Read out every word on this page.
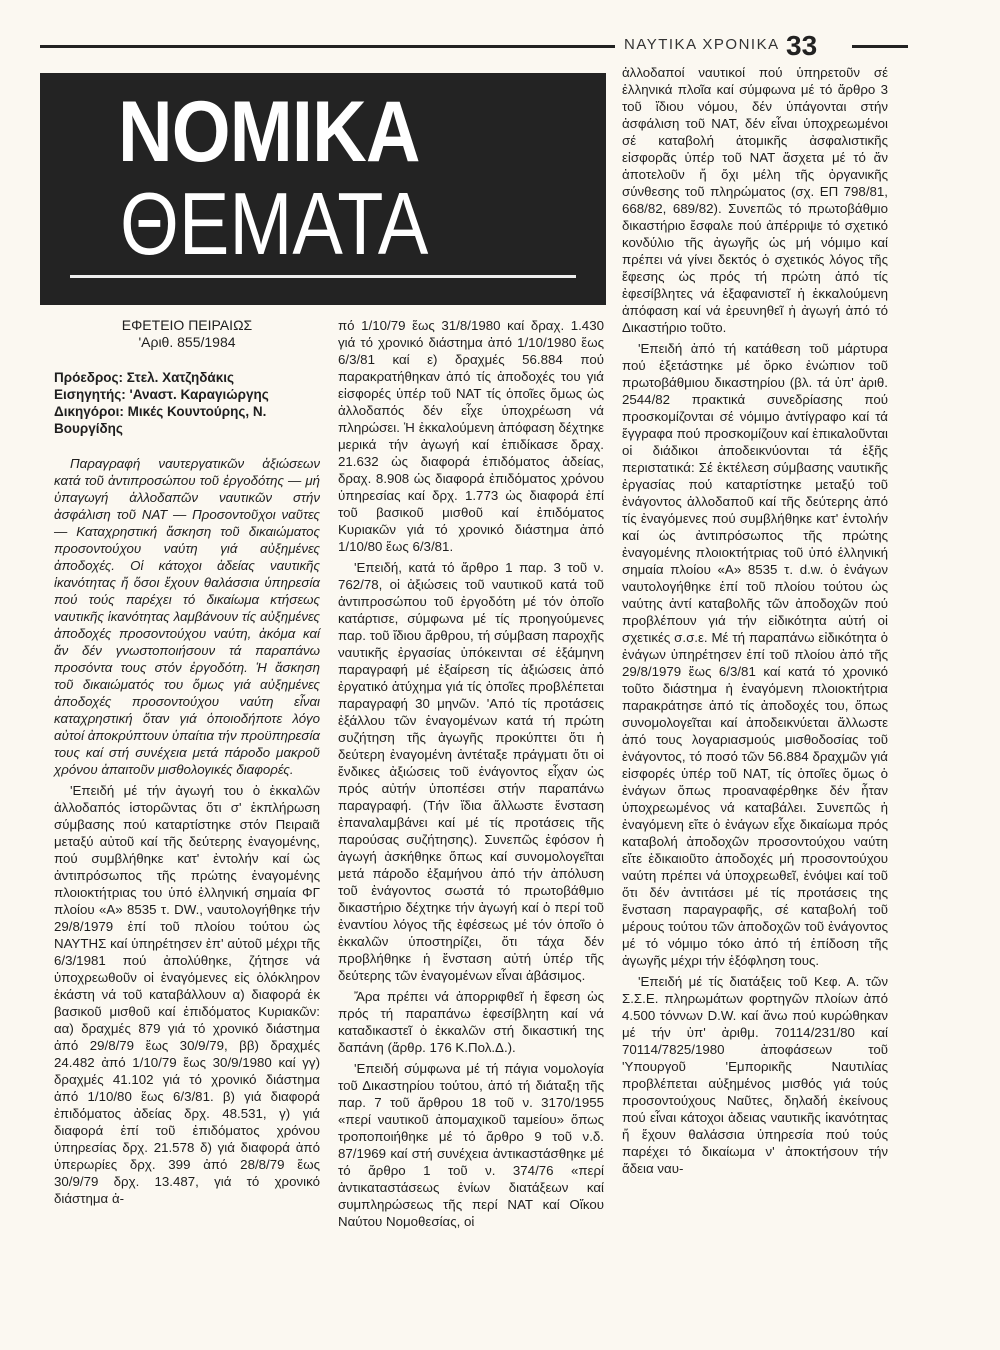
ΝΑΥΤΙΚΑ ΧΡΟΝΙΚΑ 33
ΝΟΜΙΚΑ
ΘΕΜΑΤΑ
ΕΦΕΤΕΙΟ ΠΕΙΡΑΙΩΣ
'Αριθ. 855/1984
Πρόεδρος: Στελ. Χατζηδάκις
Εισηγητής: 'Αναστ. Καραγιώργης
Δικηγόροι: Μικές Κουντούρης, Ν. Βουργίδης

Παραγραφή ναυτεργατικῶν ἀξιώσεων κατά τοῦ ἀντιπροσώπου τοῦ ἐργοδότης — μή ὑπαγωγή ἀλλοδαπῶν ναυτικῶν στήν ἀσφάλιση τοῦ ΝΑΤ — Προσοντοῦχοι ναῦτες — Καταχρηστική ἄσκηση τοῦ δικαιώματος προσοντούχου ναύτη γιά αὐξημένες ἀποδοχές. Οἱ κάτοχοι ἀδείας ναυτικῆς ἱκανότητας ἤ ὅσοι ἔχουν θαλάσσια ὑπηρεσία πού τούς παρέχει τό δικαίωμα κτήσεως ναυτικῆς ἱκανότητας λαμβάνουν τίς αὐξημένες ἀποδοχές προσοντούχου ναύτη, ἀκόμα καί ἄν δέν γνωστοποιήσουν τά παραπάνω προσόντα τους στόν ἐργοδότη. Ἡ ἄσκηση τοῦ δικαιώματός του ὅμως γιά αὐξημένες ἀποδοχές προσοντούχου ναύτη εἶναι καταχρηστική ὅταν γιά ὁποιοδήποτε λόγο αὐτοί ἀποκρύπτουν ὑπαίτια τήν προϋπηρεσία τους καί στή συνέχεια μετά πάροδο μακροῦ χρόνου ἀπαιτοῦν μισθολογικές διαφορές.

'Επειδή μέ τήν ἀγωγή του ὁ ἐκκαλῶν ἀλλοδαπός ἱστορῶντας ὅτι σ' ἐκπλήρωση σύμβασης πού καταρτίστηκε στόν Πειραιᾶ μεταξύ αὐτοῦ καί τῆς δεύτερης ἐναγομένης, πού συμβλήθηκε κατ' ἐντολήν καί ὡς ἀντιπρόσωπος τῆς πρώτης ἐναγομένης πλοιοκτήτριας του ὑπό ἑλληνική σημαία ΦΓ πλοίου «Α» 8535 τ. DW., ναυτολογήθηκε τήν 29/8/1979 ἐπί τοῦ πλοίου τούτου ὡς ΝΑΥΤΗΣ καί ὑπηρέτησεν ἐπ' αὐτοῦ μέχρι τῆς 6/3/1981 πού ἀπολύθηκε, ζήτησε νά ὑποχρεωθοῦν οἱ ἐναγόμενες εἰς ὁλόκληρον ἑκάστη νά τοῦ καταβάλλουν α) διαφορά ἐκ βασικοῦ μισθοῦ καί ἐπιδόματος Κυριακῶν: αα) δραχμές 879 γιά τό χρονικό διάστημα ἀπό 29/8/79 ἕως 30/9/79, ββ) δραχμές 24.482 ἀπό 1/10/79 ἕως 30/9/1980 καί γγ) δραχμές 41.102 γιά τό χρονικό διάστημα ἀπό 1/10/80 ἕως 6/3/81. β) γιά διαφορά ἐπιδόματος ἀδείας δρχ. 48.531, γ) γιά διαφορά ἐπί τοῦ ἐπιδόματος χρόνου ὑπηρεσίας δρχ. 21.578 δ) γιά διαφορά ἀπό ὑπερωρίες δρχ. 399 ἀπό 28/8/79 ἕως 30/9/79 δρχ. 13.487, γιά τό χρονικό διάστημα ἀ-

πό 1/10/79 ἕως 31/8/1980 καί δραχ. 1.430 γιά τό χρονικό διάστημα ἀπό 1/10/1980 ἕως 6/3/81 καί ε) δραχμές 56.884 πού παρακρατήθηκαν ἀπό τίς ἀποδοχές του γιά εἰσφορές ὑπέρ τοῦ ΝΑΤ τίς ὁποῖες ὅμως ὡς ἀλλοδαπός δέν εἶχε ὑποχρέωση νά πληρώσει. Ἡ ἐκκαλούμενη ἀπόφαση δέχτηκε μερικά τήν ἀγωγή καί ἐπιδίκασε δραχ. 21.632 ὡς διαφορά ἐπιδόματος ἀδείας, δραχ. 8.908 ὡς διαφορά ἐπιδόματος χρόνου ὑπηρεσίας καί δρχ. 1.773 ὡς διαφορά ἐπί τοῦ βασικοῦ μισθοῦ καί ἐπιδόματος Κυριακῶν γιά τό χρονικό διάστημα ἀπό 1/10/80 ἕως 6/3/81.

'Επειδή, κατά τό ἄρθρο 1 παρ. 3 τοῦ ν. 762/78, οἱ ἀξιώσεις τοῦ ναυτικοῦ κατά τοῦ ἀντιπροσώπου τοῦ ἐργοδότη μέ τόν ὁποῖο κατάρτισε, σύμφωνα μέ τίς προηγούμενες παρ. τοῦ ἴδιου ἄρθρου, τή σύμβαση παροχῆς ναυτικῆς ἐργασίας ὑπόκεινται σέ ἑξάμηνη παραγραφή μέ ἐξαίρεση τίς ἀξιώσεις ἀπό ἐργατικό ἀτύχημα γιά τίς ὁποῖες προβλέπεται παραγραφή 30 μηνῶν. 'Από τίς προτάσεις ἐξάλλου τῶν ἐναγομένων κατά τή πρώτη συζήτηση τῆς ἀγωγῆς προκύπτει ὅτι ἡ δεύτερη ἐναγομένη ἀντέταξε πράγματι ὅτι οἱ ἔνδικες ἀξιώσεις τοῦ ἐνάγοντος εἶχαν ὡς πρός αὐτήν ὑποπέσει στήν παραπάνω παραγραφή. (Τήν ἴδια ἄλλωστε ἔνσταση ἐπαναλαμβάνει καί μέ τίς προτάσεις τῆς παρούσας συζήτησης). Συνεπῶς ἐφόσον ἡ ἀγωγή ἀσκήθηκε ὅπως καί συνομολογεῖται μετά πάροδο ἑξαμήνου ἀπό τήν ἀπόλυση τοῦ ἐνάγοντος σωστά τό πρωτοβάθμιο δικαστήριο δέχτηκε τήν ἀγωγή καί ὁ περί τοῦ ἐναντίου λόγος τῆς ἐφέσεως μέ τόν ὁποῖο ὁ ἐκκαλῶν ὑποστηρίζει, ὅτι τάχα δέν προβλήθηκε ἡ ἔνσταση αὐτή ὑπέρ τῆς δεύτερης τῶν ἐναγομένων εἶναι ἀβάσιμος.

Ἄρα πρέπει νά ἀπορριφθεῖ ἡ ἔφεση ὡς πρός τή παραπάνω ἐφεσίβλητη καί νά καταδικαστεῖ ὁ ἐκκαλῶν στή δικαστική της δαπάνη (ἄρθρ. 176 Κ.Πολ.Δ.).

'Επειδή σύμφωνα μέ τή πάγια νομολογία τοῦ Δικαστηρίου τούτου, ἀπό τή διάταξη τῆς παρ. 7 τοῦ ἄρθρου 18 τοῦ ν. 3170/1955 «περί ναυτικοῦ ἀπομαχικοῦ ταμείου» ὅπως τροποποιήθηκε μέ τό ἄρθρο 9 τοῦ ν.δ. 87/1969 καί στή συνέχεια ἀντικαστάσθηκε μέ τό ἄρθρο 1 τοῦ ν. 374/76 «περί ἀντικαταστάσεως ἐνίων διατάξεων καί συμπληρώσεως τῆς περί ΝΑΤ καί Οἴκου Ναύτου Νομοθεσίας, οἱ

ἀλλοδαποί ναυτικοί πού ὑπηρετοῦν σέ ἑλληνικά πλοῖα καί σύμφωνα μέ τό ἄρθρο 3 τοῦ ἴδιου νόμου, δέν ὑπάγονται στήν ἀσφάλιση τοῦ ΝΑΤ, δέν εἶναι ὑποχρεωμένοι σέ καταβολή ἀτομικῆς ἀσφαλιστικῆς εἰσφορᾶς ὑπέρ τοῦ ΝΑΤ ἄσχετα μέ τό ἄν ἀποτελοῦν ἤ ὄχι μέλη τῆς ὀργανικῆς σύνθεσης τοῦ πληρώματος (σχ. ΕΠ 798/81, 668/82, 689/82). Συνεπῶς τό πρωτοβάθμιο δικαστήριο ἔσφαλε πού ἀπέρριψε τό σχετικό κονδύλιο τῆς ἀγωγῆς ὡς μή νόμιμο καί πρέπει νά γίνει δεκτός ὁ σχετικός λόγος τῆς ἔφεσης ὡς πρός τή πρώτη ἀπό τίς ἐφεσίβλητες νά ἐξαφανιστεῖ ἡ ἐκκαλούμενη ἀπόφαση καί νά ἐρευνηθεῖ ἡ ἀγωγή ἀπό τό Δικαστήριο τοῦτο.

'Επειδή ἀπό τή κατάθεση τοῦ μάρτυρα πού ἐξετάστηκε μέ ὅρκο ἐνώπιον τοῦ πρωτοβάθμιου δικαστηρίου (βλ. τά ὑπ' ἀριθ. 2544/82 πρακτικά συνεδρίασης πού προσκομίζονται σέ νόμιμο ἀντίγραφο καί τά ἔγγραφα πού προσκομίζουν καί ἐπικαλοῦνται οἱ διάδικοι ἀποδεικνύονται τά ἑξῆς περιστατικά: Σέ ἐκτέλεση σύμβασης ναυτικῆς ἐργασίας πού καταρτίστηκε μεταξύ τοῦ ἐνάγοντος ἀλλοδαποῦ καί τῆς δεύτερης ἀπό τίς ἐναγόμενες πού συμβλήθηκε κατ' ἐντολήν καί ὡς ἀντιπρόσωπος τῆς πρώτης ἐναγομένης πλοιοκτήτριας τοῦ ὑπό ἑλληνική σημαία πλοίου «Α» 8535 τ. d.w. ὁ ἐνάγων ναυτολογήθηκε ἐπί τοῦ πλοίου τούτου ὡς ναύτης ἀντί καταβολῆς τῶν ἀποδοχῶν πού προβλέπουν γιά τήν εἰδικότητα αὐτή οἱ σχετικές σ.σ.ε. Μέ τή παραπάνω εἰδικότητα ὁ ἐνάγων ὑπηρέτησεν ἐπί τοῦ πλοίου ἀπό τῆς 29/8/1979 ἕως 6/3/81 καί κατά τό χρονικό τοῦτο διάστημα ἡ ἐναγόμενη πλοιοκτήτρια παρακράτησε ἀπό τίς ἀποδοχές του, ὅπως συνομολογεῖται καί ἀποδεικνύεται ἄλλωστε ἀπό τους λογαριασμούς μισθοδοσίας τοῦ ἐνάγοντος, τό ποσό τῶν 56.884 δραχμῶν γιά εἰσφορές ὑπέρ τοῦ ΝΑΤ, τίς ὁποῖες ὅμως ὁ ἐνάγων ὅπως προαναφέρθηκε δέν ἦταν ὑποχρεωμένος νά καταβάλει. Συνεπῶς ἡ ἐναγόμενη εἴτε ὁ ἐνάγων εἶχε δικαίωμα πρός καταβολή ἀποδοχῶν προσοντούχου ναύτη εἴτε ἐδικαιοῦτο ἀποδοχές μή προσοντούχου ναύτη πρέπει νά ὑποχρεωθεῖ, ἐνόψει καί τοῦ ὅτι δέν ἀντιτάσει μέ τίς προτάσεις της ἔνσταση παραγραφῆς, σέ καταβολή τοῦ μέρους τούτου τῶν ἀποδοχῶν τοῦ ἐνάγοντος μέ τό νόμιμο τόκο ἀπό τή ἐπίδοση τῆς ἀγωγῆς μέχρι τήν ἐξόφληση τους.

'Επειδή μέ τίς διατάξεις τοῦ Κεφ. Α. τῶν Σ.Σ.Ε. πληρωμάτων φορτηγῶν πλοίων ἀπό 4.500 τόννων D.W. καί ἄνω πού κυρώθηκαν μέ τήν ὑπ' ἀριθμ. 70114/231/80 καί 70114/7825/1980 ἀποφάσεων τοῦ 'Υπουργοῦ 'Εμπορικῆς Ναυτιλίας προβλέπεται αὐξημένος μισθός γιά τούς προσοντούχους Ναῦτες, δηλαδή ἐκείνους πού εἶναι κάτοχοι ἀδειας ναυτικῆς ἱκανότητας ἤ ἔχουν θαλάσσια ὑπηρεσία πού τούς παρέχει τό δικαίωμα ν' ἀποκτήσουν τήν ἄδεια ναυ-
